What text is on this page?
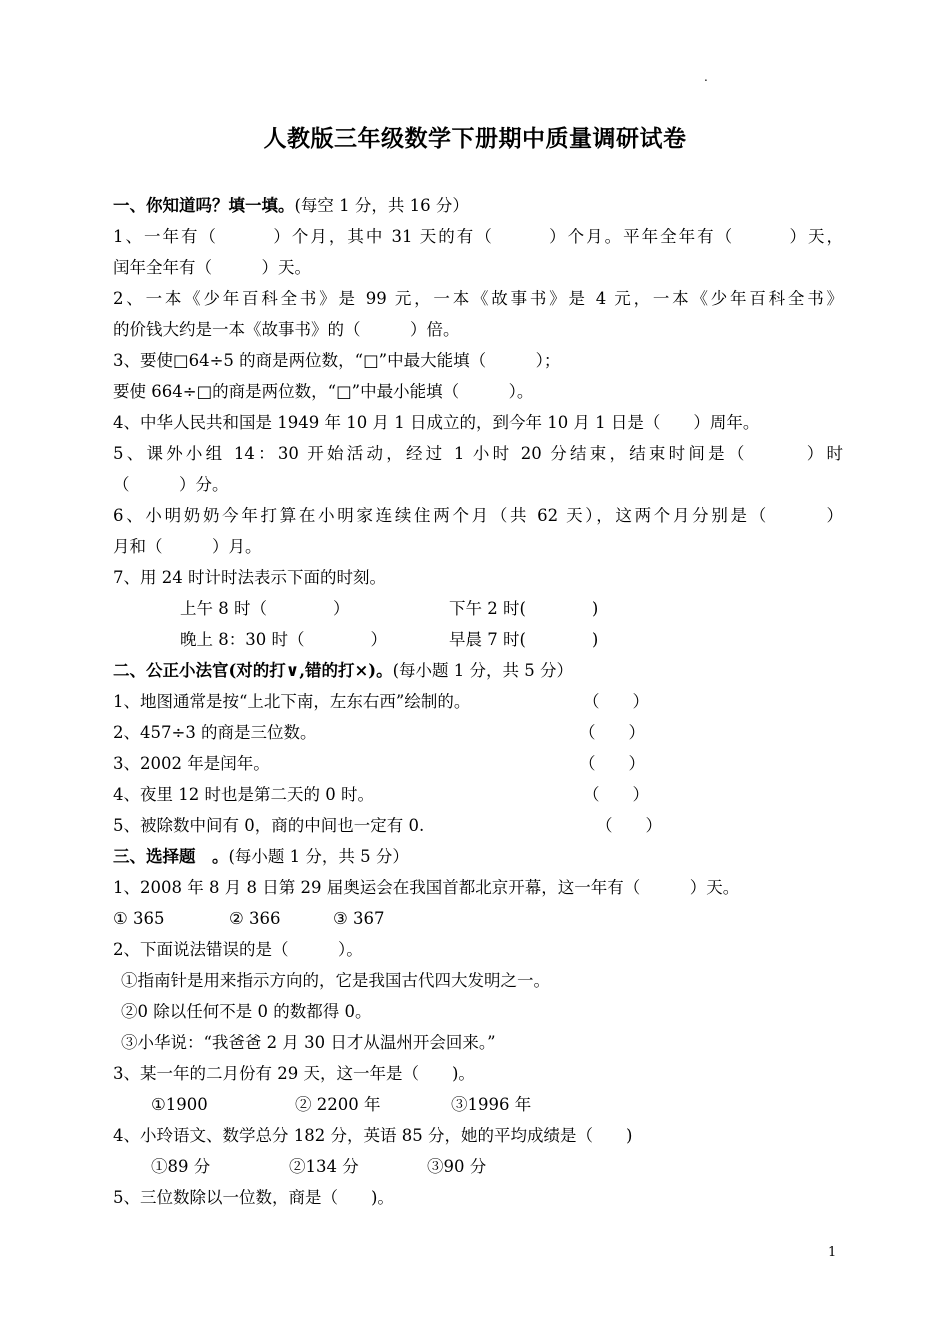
.
人教版三年级数学下册期中质量调研试卷
一、你知道吗？填一填。(每空 1 分，共 16 分）
1、一年有（　　　）个月，其中 31 天的有（　　　）个月。平年全年有（　　　）天，
闰年全年有（　　　）天。
2、一本《少年百科全书》是 99 元，一本《故事书》是 4 元，一本《少年百科全书》
的价钱大约是一本《故事书》的（　　　）倍。
3、要使□64÷5 的商是两位数，“□”中最大能填（　　　）；
要使 664÷□的商是两位数，“□”中最小能填（　　　）。
4、中华人民共和国是 1949 年 10 月 1 日成立的，到今年 10 月 1 日是（　　）周年。
5、课外小组 14：30 开始活动，经过 1 小时 20 分结束，结束时间是（　　　）时
（　　　）分。
6、小明奶奶今年打算在小明家连续住两个月（共 62 天），这两个月分别是（　　　）
月和（　　　）月。
7、用 24 时计时法表示下面的时刻。
上午 8 时（　　　　）	下午 2 时(　　　　)
晚上 8：30 时（　　　　）	早晨 7 时(　　　　)
二、公正小法官(对的打∨,错的打×)。(每小题 1 分，共 5 分）
1、地图通常是按“上北下南，左东右西”绘制的。	（　　）
2、457÷3 的商是三位数。	（　　）
3、2002 年是闰年。	（　　）
4、夜里 12 时也是第二天的 0 时。	（　　）
5、被除数中间有 0，商的中间也一定有 0.	（　　）
三、选择题　。(每小题 1 分，共 5 分）
1、2008 年 8 月 8 日第 29 届奥运会在我国首都北京开幕，这一年有（　　　）天。
① 365	② 366	③ 367
2、下面说法错误的是（　　　）。
①指南针是用来指示方向的，它是我国古代四大发明之一。
②0 除以任何不是 0 的数都得 0。
③小华说：“我爸爸 2 月 30 日才从温州开会回来。”
3、某一年的二月份有 29 天，这一年是（　　)。
①1900	② 2200 年	③1996 年
4、小玲语文、数学总分 182 分，英语 85 分，她的平均成绩是（　　)
①89 分	②134 分	③90 分
5、三位数除以一位数，商是（　　)。
1
